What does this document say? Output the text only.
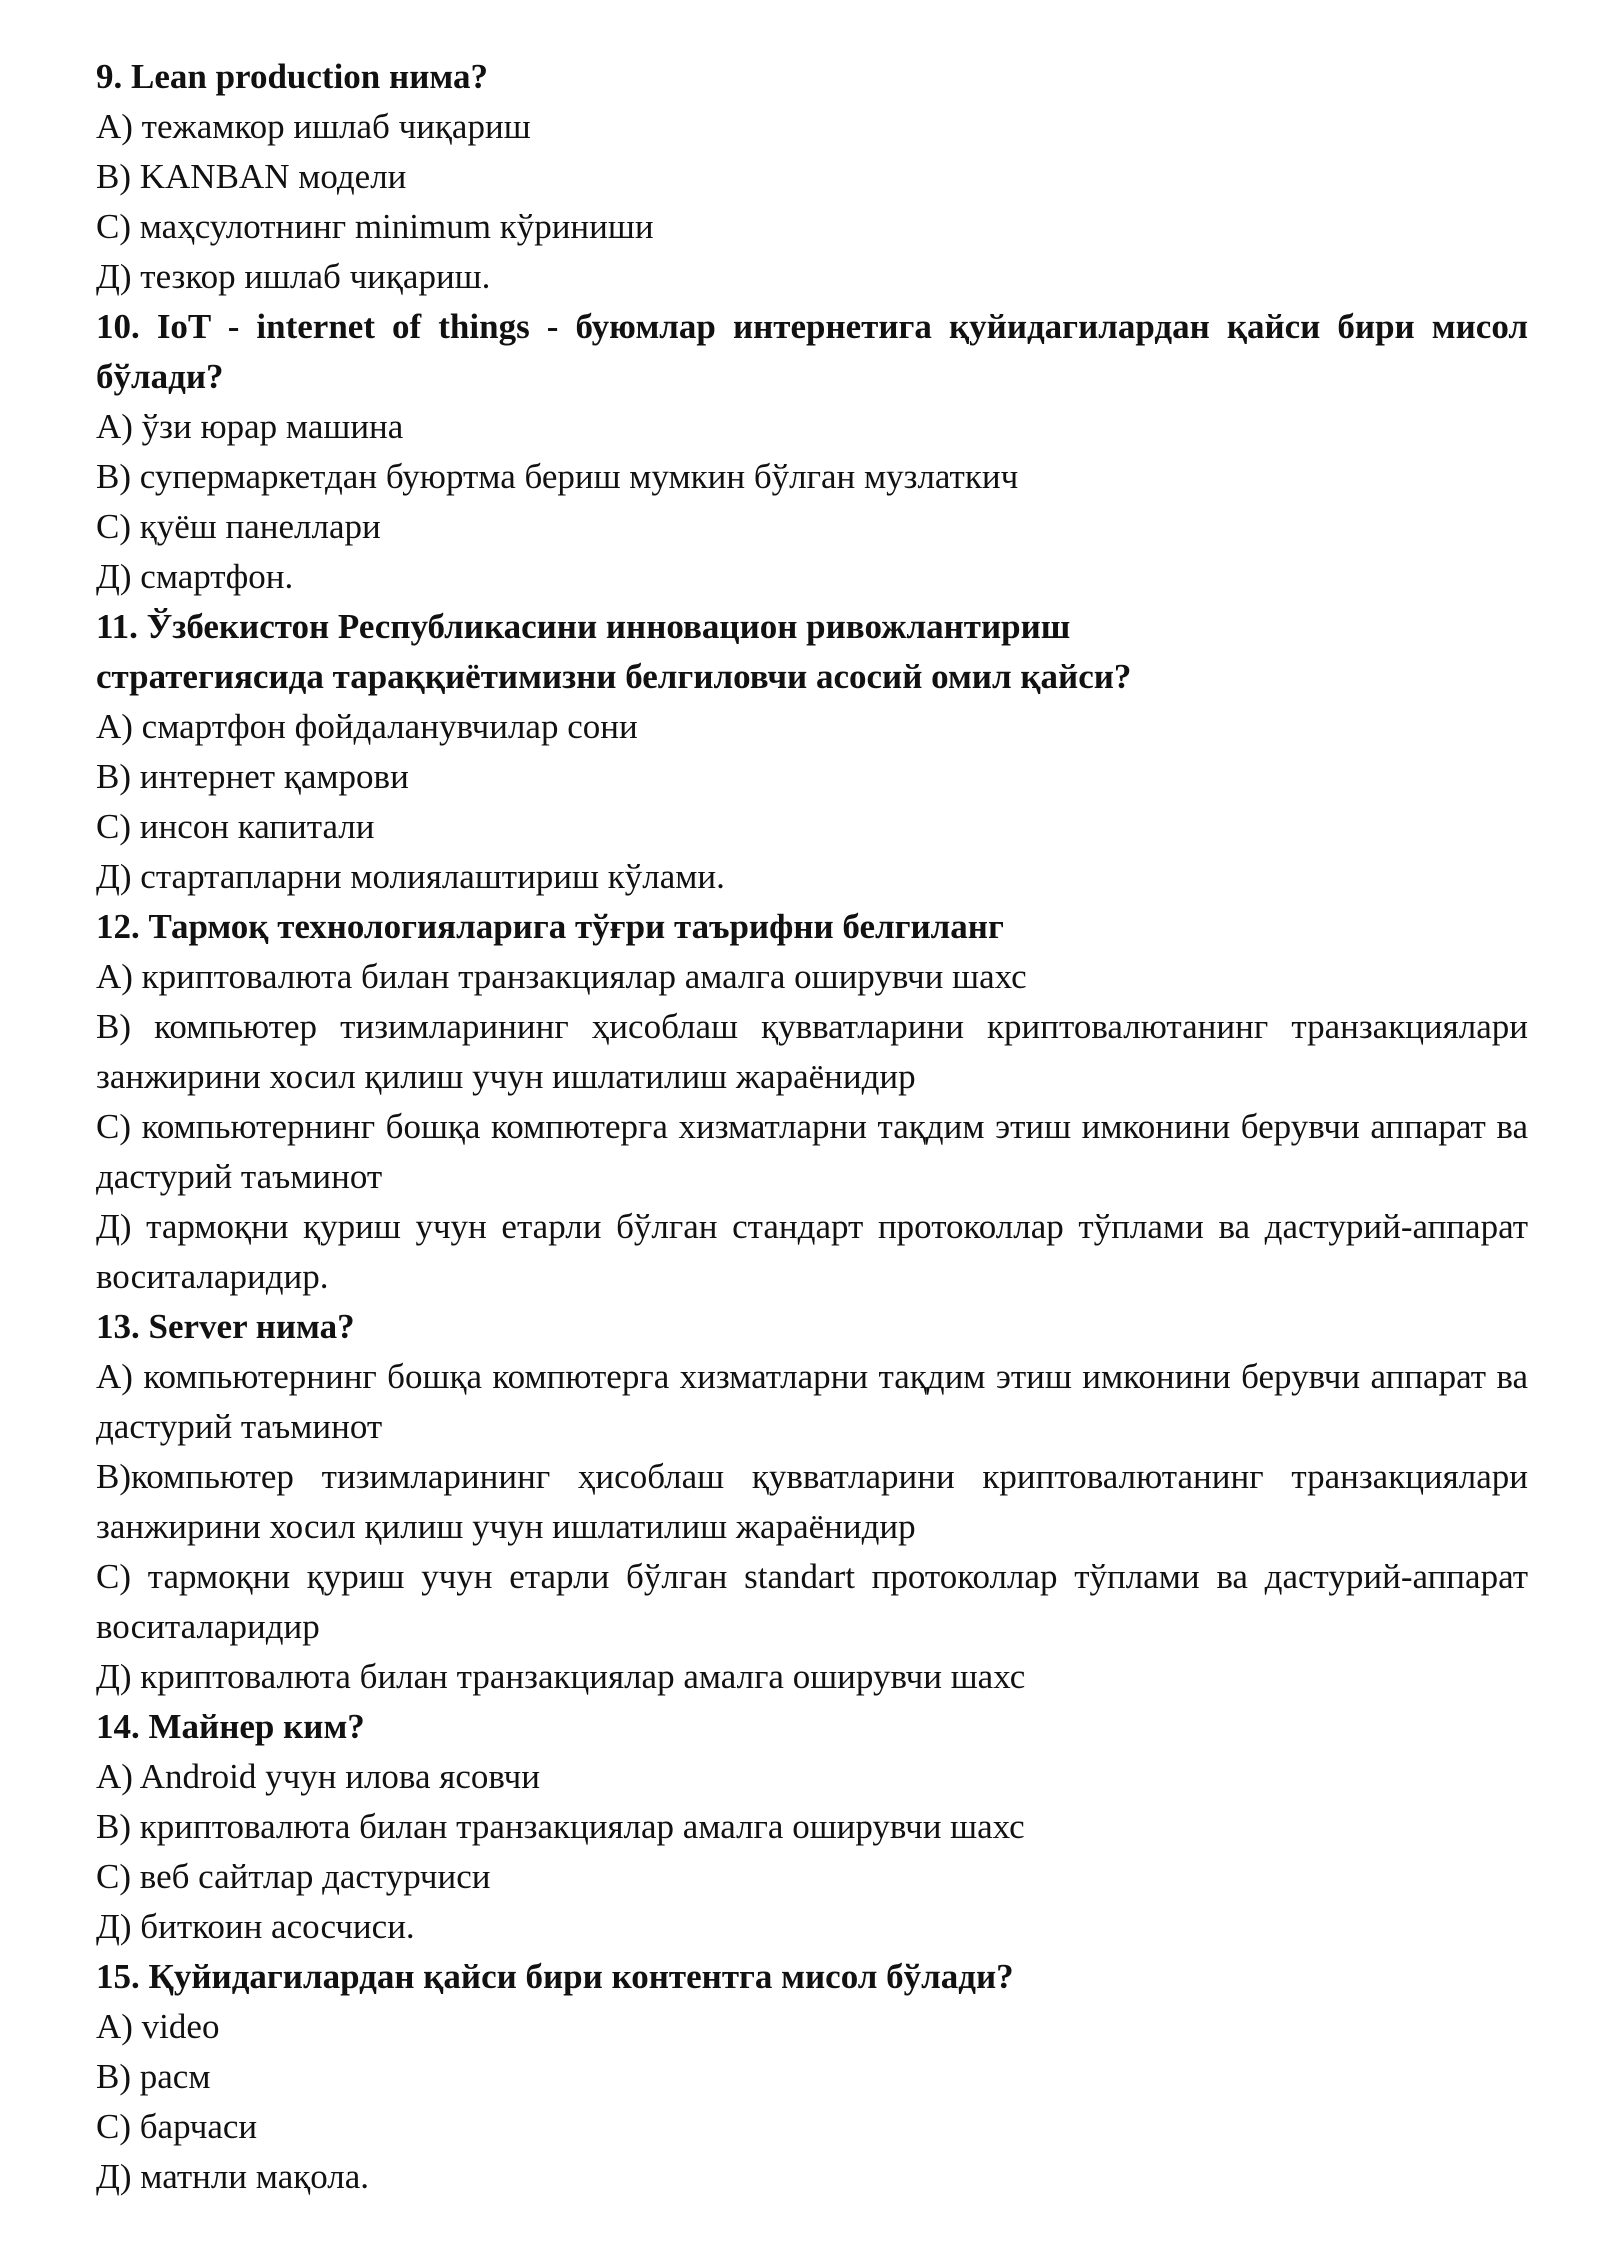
9. Lean production нима?

A) тежамкор ишлаб чиқариш

B) KANBAN модели

C) маҳсулотнинг minimum кўриниши

Д) тезкор ишлаб чиқариш.

10. IoT - internet of things - буюмлар интернетига қуйидагилардан қайси бири мисол бўлади?

A) ўзи юрар машина

B) супермаркетдан буюртма бериш мумкин бўлган музлаткич

C) қуёш панеллари

Д) смартфон.

11. Ўзбекистон Республикасини инновацион ривожлантириш стратегиясида тараққиётимизни белгиловчи асосий омил қайси?

A) смартфон фойдаланувчилар сони

B) интернет қамрови

C) инсон капитали

Д) стартапларни молиялаштириш кўлами.

12. Тармоқ технологияларига тўғри таърифни белгиланг

A) криптовалюта билан транзакциялар амалга оширувчи шахс

B) компьютер тизимларининг ҳисоблаш қувватларини криптовалютанинг транзакциялари занжирини хосил қилиш учун ишлатилиш жараёнидир

C) компьютернинг бошқа компютерга хизматларни тақдим этиш имконини берувчи аппарат ва дастурий таъминот

Д) тармоқни қуриш учун етарли бўлган стандарт протоколлар тўплами ва дастурий-аппарат воситаларидир.

13. Server нима?

A) компьютернинг бошқа компютерга хизматларни тақдим этиш имконини берувчи аппарат ва дастурий таъминот

B)компьютер тизимларининг ҳисоблаш қувватларини криптовалютанинг транзакциялари занжирини хосил қилиш учун ишлатилиш жараёнидир

C) тармоқни қуриш учун етарли бўлган standart протоколлар тўплами ва дастурий-аппарат воситаларидир

Д) криптовалюта билан транзакциялар амалга оширувчи шахс

14. Майнер ким?

A) Android учун илова ясовчи

B) криптовалюта билан транзакциялар амалга оширувчи шахс

C) веб сайтлар дастурчиси

Д) биткоин асосчиси.

15. Қуйидагилардан қайси бири контентга мисол бўлади?

A) video

B) расм

C) барчаси

Д) матнли мақола.
